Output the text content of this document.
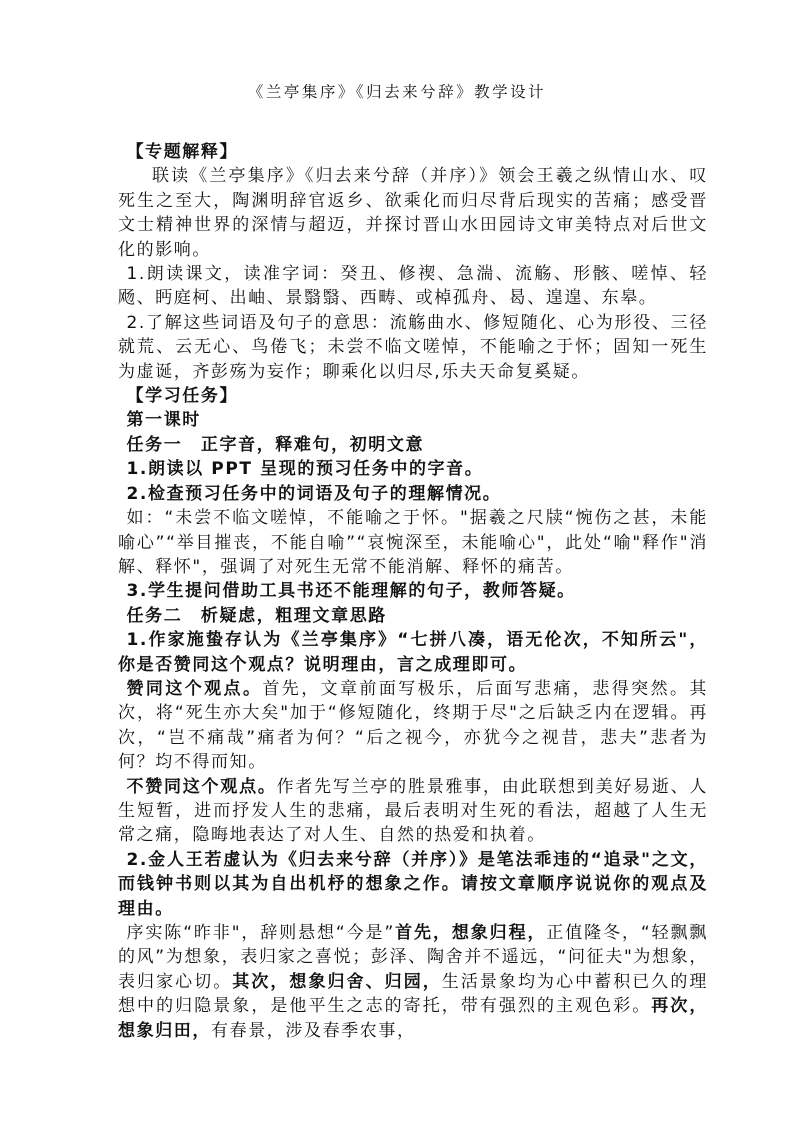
《兰亭集序》《归去来兮辞》教学设计

【专题解释】

联读《兰亭集序》《归去来兮辞（并序）》领会王羲之纵情山水、叹死生之至大，陶渊明辞官返乡、欲乘化而归尽背后现实的苦痛；感受晋文士精神世界的深情与超迈，并探讨晋山水田园诗文审美特点对后世文化的影响。

1.朗读课文，读准字词：癸丑、修禊、急湍、流觞、形骸、嗟悼、轻飏、眄庭柯、出岫、景翳翳、西畴、或棹孤舟、曷、遑遑、东皋。

2.了解这些词语及句子的意思：流觞曲水、修短随化、心为形役、三径就荒、云无心、鸟倦飞；未尝不临文嗟悼，不能喻之于怀；固知一死生为虚诞，齐彭殇为妄作；聊乘化以归尽,乐夫天命复奚疑。

【学习任务】

第一课时

任务一　正字音，释难句，初明文意

1.朗读以 PPT 呈现的预习任务中的字音。

2.检查预习任务中的词语及句子的理解情况。

如：“未尝不临文嗟悼，不能喻之于怀。"据羲之尺牍“惋伤之甚，未能喻心”“举目摧丧，不能自喻”“哀惋深至，未能喻心"，此处“喻"释作"消解、释怀"，强调了对死生无常不能消解、释怀的痛苦。

3.学生提问借助工具书还不能理解的句子，教师答疑。

任务二　析疑虑，粗理文章思路

1.作家施蛰存认为《兰亭集序》“七拼八凑，语无伦次，不知所云"，你是否赞同这个观点？说明理由，言之成理即可。

赞同这个观点。首先，文章前面写极乐，后面写悲痛，悲得突然。其次，将“死生亦大矣"加于“修短随化，终期于尽"之后缺乏内在逻辑。再次，“岂不痛哉”痛者为何？“后之视今，亦犹今之视昔，悲夫”悲者为何？均不得而知。

不赞同这个观点。作者先写兰亭的胜景雅事，由此联想到美好易逝、人生短暂，进而抒发人生的悲痛，最后表明对生死的看法，超越了人生无常之痛，隐晦地表达了对人生、自然的热爱和执着。

2.金人王若虚认为《归去来兮辞（并序）》是笔法乖违的“追录"之文，而钱钟书则以其为自出机杼的想象之作。请按文章顺序说说你的观点及理由。

序实陈“昨非"，辞则悬想“今是”首先，想象归程，正值隆冬，“轻飘飘的风”为想象，表归家之喜悦；彭泽、陶舍并不遥远，“问征夫"为想象，表归家心切。其次，想象归舍、归园，生活景象均为心中蓄积已久的理想中的归隐景象，是他平生之志的寄托，带有强烈的主观色彩。再次，想象归田，有春景，涉及春季农事，
